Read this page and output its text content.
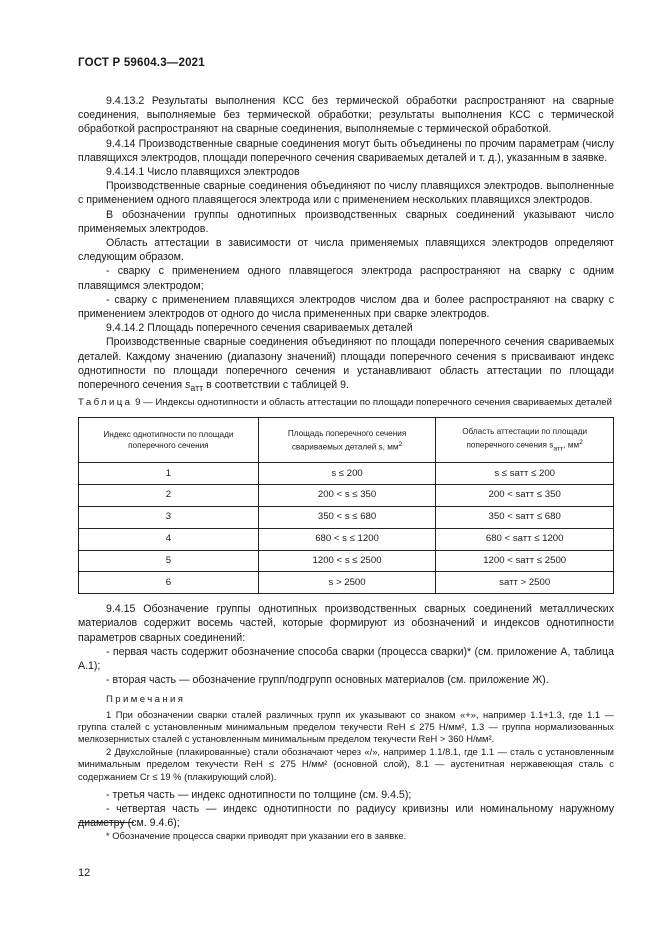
ГОСТ Р 59604.3—2021

9.4.13.2 Результаты выполнения КСС без термической обработки распространяют на сварные соединения, выполняемые без термической обработки; результаты выполнения КСС с термической обработкой распространяют на сварные соединения, выполняемые с термической обработкой.

9.4.14 Производственные сварные соединения могут быть объединены по прочим параметрам (числу плавящихся электродов, площади поперечного сечения свариваемых деталей и т. д.), указанным в заявке.

9.4.14.1 Число плавящихся электродов

Производственные сварные соединения объединяют по числу плавящихся электродов. выполненные с применением одного плавящегося электрода или с применением нескольких плавящихся электродов.

В обозначении группы однотипных производственных сварных соединений указывают число применяемых электродов.

Область аттестации в зависимости от числа применяемых плавящихся электродов определяют следующим образом.

- сварку с применением одного плавящегося электрода распространяют на сварку с одним плавящимся электродом;

- сварку с применением плавящихся электродов числом два и более распространяют на сварку с применением электродов от одного до числа примененных при сварке электродов.

9.4.14.2 Площадь поперечного сечения свариваемых деталей

Производственные сварные соединения объединяют по площади поперечного сечения свариваемых деталей. Каждому значению (диапазону значений) площади поперечного сечения s присваивают индекс однотипности по площади поперечного сечения и устанавливают область аттестации по площади поперечного сечения $s_{атт}$ в соответствии с таблицей 9.

Таблица 9 — Индексы однотипности и область аттестации по площади поперечного сечения свариваемых деталей

Индекс однотипности по площади поперечного сечения	Площадь поперечного сечения свариваемых деталей s, $мм^2$	Область аттестации по площади поперечного сечения $s_{атт}$, $мм^2$
1	s ≤ 200	s ≤ sатт ≤ 200
2	200 < s ≤ 350	200 < sатт ≤ 350
3	350 < s ≤ 680	350 < sатт ≤ 680
4	680 < s ≤ 1200	680 < sатт ≤ 1200
5	1200 < s ≤ 2500	1200 < sатт ≤ 2500
6	s > 2500	sатт > 2500

9.4.15 Обозначение группы однотипных производственных сварных соединений металлических материалов содержит восемь частей, которые формируют из обозначений и индексов однотипности параметров сварных соединений:

- первая часть содержит обозначение способа сварки (процесса сварки)* (см. приложение А, таблица А.1);

- вторая часть — обозначение групп/подгрупп основных материалов (см. приложение Ж).

Примечания

1 При обозначении сварки сталей различных групп их указывают со знаком «+», например 1.1+1.3, где 1.1 — группа сталей с установленным минимальным пределом текучести ReH ≤ 275 Н/мм², 1.3 — группа нормализованных мелкозернистых сталей с установленным минимальным пределом текучести ReH > 360 Н/мм².

2 Двухслойные (плакированные) стали обозначают через «/», например 1.1/8.1, где 1.1 — сталь с установленным минимальным пределом текучести ReH ≤ 275 Н/мм² (основной слой), 8.1 — аустенитная нержавеющая сталь с содержанием Cr ≤ 19 % (плакирующий слой).

- третья часть — индекс однотипности по толщине (см. 9.4.5);

- четвертая часть — индекс однотипности по радиусу кривизны или номинальному наружному диаметру (см. 9.4.6);

* Обозначение процесса сварки приводят при указании его в заявке.
12
